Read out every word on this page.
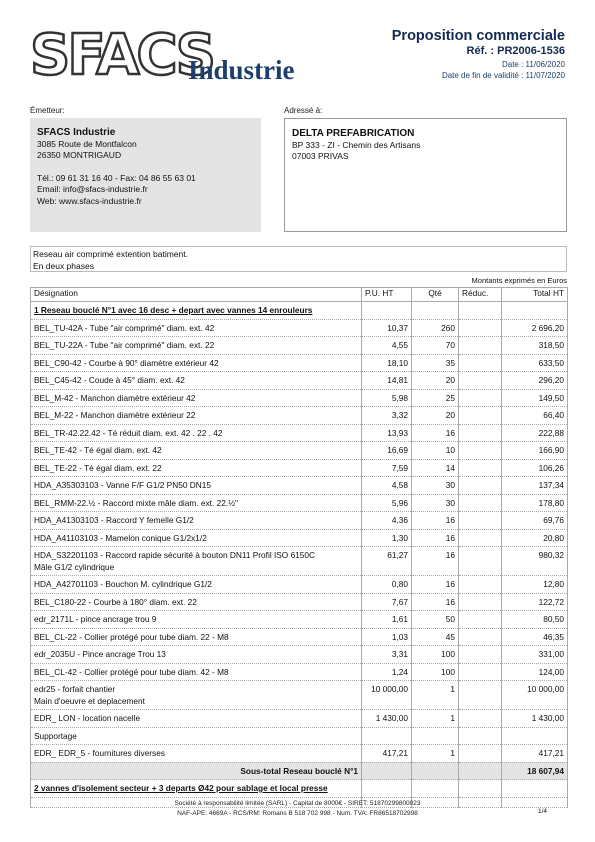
SFACS
Industrie
Proposition commerciale
Réf. : PR2006-1536
Date : 11/06/2020
Date de fin de validité : 11/07/2020
Émetteur:	Adressé à:
SFACS Industrie
3085 Route de Montfalcon
26350 MONTRIGAUD
Tél.: 09 61 31 16 40 - Fax: 04 86 55 63 01
Email: info@sfacs-industrie.fr
Web: www.sfacs-industrie.fr
DELTA PREFABRICATION
BP 333 - ZI - Chemin des Artisans
07003 PRIVAS
Reseau air comprimé extention batiment.
En deux phases
Montants exprimés en Euros
Désignation	P.U. HT	Qté	Réduc.	Total HT
1 Reseau bouclé N°1 avec 16 desc + depart avec vannes 14 enrouleurs				
BEL_TU-42A - Tube "air comprimé" diam. ext. 42	10,37	260		2 696,20
BEL_TU-22A - Tube "air comprimé" diam. ext. 22	4,55	70		318,50
BEL_C90-42 - Courbe à 90° diamètre extérieur 42	18,10	35		633,50
BEL_C45-42 - Coude à 45° diam. ext. 42	14,81	20		296,20
BEL_M-42 - Manchon diamètre extérieur 42	5,98	25		149,50
BEL_M-22 - Manchon diamètre extérieur 22	3,32	20		66,40
BEL_TR-42.22.42 - Té réduit diam. ext. 42 . 22 . 42	13,93	16		222,88
BEL_TE-42 - Té égal diam. ext. 42	16,69	10		166,90
BEL_TE-22 - Té égal diam. ext. 22	7,59	14		106,26
HDA_A35303103 - Vanne F/F G1/2 PN50 DN15	4,58	30		137,34
BEL_RMM-22.½ - Raccord mixte mâle diam. ext. 22.½"	5,96	30		178,80
HDA_A41303103 - Raccord Y femelle G1/2	4,36	16		69,76
HDA_A41103103 - Mamelon conique G1/2x1/2	1,30	16		20,80
HDA_S32201103 - Raccord rapide sécurité à bouton DN11 Profil ISO 6150C
Mâle G1/2 cylindrique	61,27	16		980,32
HDA_A42701103 - Bouchon M. cylindrique G1/2	0,80	16		12,80
BEL_C180-22 - Courbe à 180° diam. ext. 22	7,67	16		122,72
edr_2171L - pince ancrage trou 9	1,61	50		80,50
BEL_CL-22 - Collier protégé pour tube diam. 22 - M8	1,03	45		46,35
edr_2035U - Pince ancrage Trou 13	3,31	100		331,00
BEL_CL-42 - Collier protégé pour tube diam. 42 - M8	1,24	100		124,00
edr25 - forfait chantier
Main d'oeuvre et deplacement	10 000,00	1		10 000,00
EDR_ LON - location nacelle	1 430,00	1		1 430,00
Supportage				
EDR_ EDR_5 - fournitures diverses	417,21	1		417,21
Sous-total Reseau bouclé N°1				18 607,94
2 vannes d'isolement secteur + 3 departs Ø42 pour sablage et local presse				

Société à responsabilité limitée (SARL) - Capital de 8000€ - SIRET: 51870299800023
NAF-APE: 4669A - RCS/RM: Romans B 518 702 998 - Num. TVA: FR86518702998	1/4
